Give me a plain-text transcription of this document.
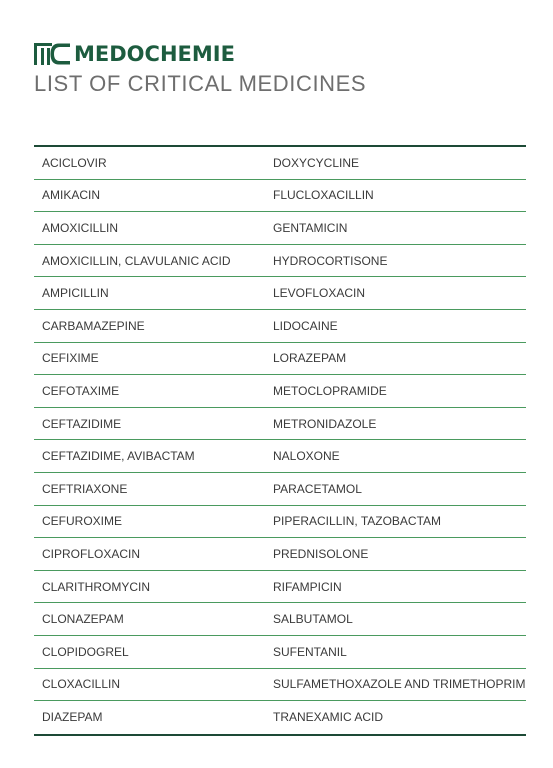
MEDOCHEMIE
LIST OF CRITICAL MEDICINES
ACICLOVIR	DOXYCYCLINE
AMIKACIN	FLUCLOXACILLIN
AMOXICILLIN	GENTAMICIN
AMOXICILLIN, CLAVULANIC ACID	HYDROCORTISONE
AMPICILLIN	LEVOFLOXACIN
CARBAMAZEPINE	LIDOCAINE
CEFIXIME	LORAZEPAM
CEFOTAXIME	METOCLOPRAMIDE
CEFTAZIDIME	METRONIDAZOLE
CEFTAZIDIME, AVIBACTAM	NALOXONE
CEFTRIAXONE	PARACETAMOL
CEFUROXIME	PIPERACILLIN, TAZOBACTAM
CIPROFLOXACIN	PREDNISOLONE
CLARITHROMYCIN	RIFAMPICIN
CLONAZEPAM	SALBUTAMOL
CLOPIDOGREL	SUFENTANIL
CLOXACILLIN	SULFAMETHOXAZOLE AND TRIMETHOPRIM
DIAZEPAM	TRANEXAMIC ACID
